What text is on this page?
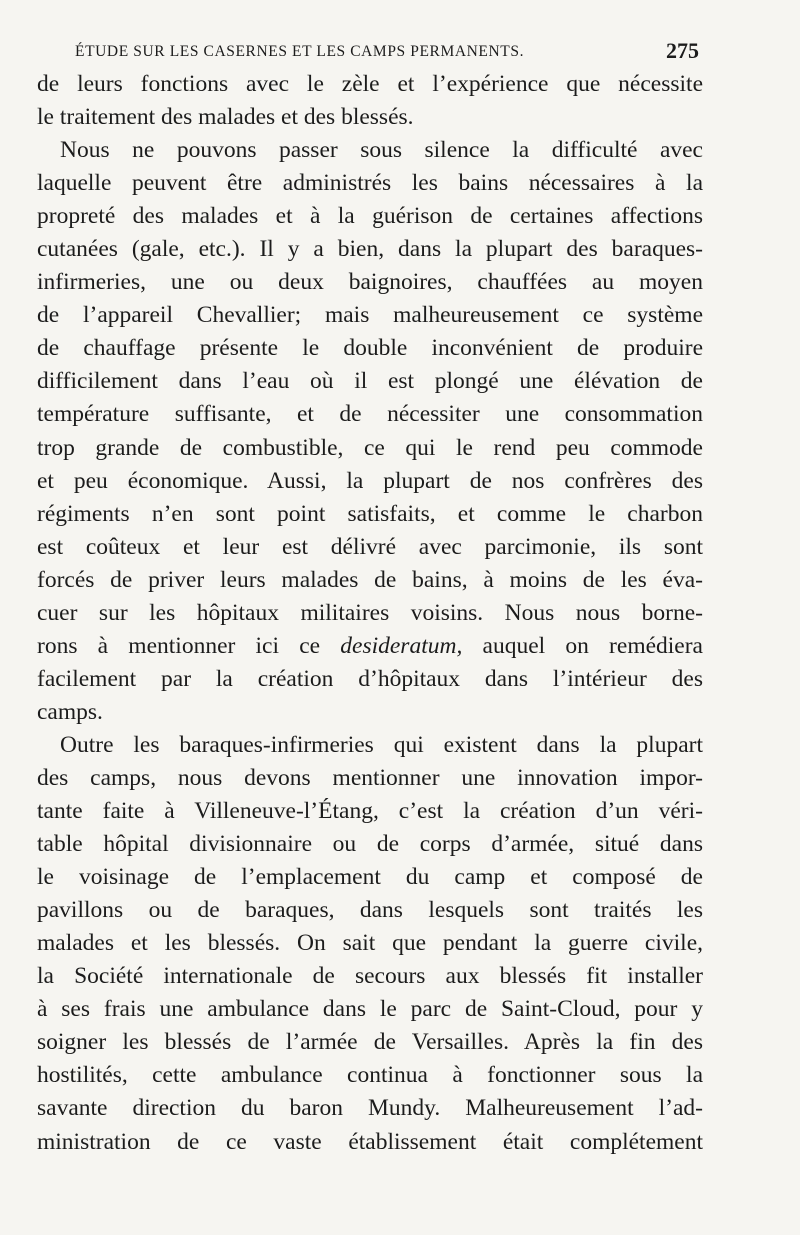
ÉTUDE SUR LES CASERNES ET LES CAMPS PERMANENTS.	275
de leurs fonctions avec le zèle et l’expérience que nécessite
le traitement des malades et des blessés.
Nous ne pouvons passer sous silence la difficulté avec
laquelle peuvent être administrés les bains nécessaires à la
propreté des malades et à la guérison de certaines affections
cutanées (gale, etc.). Il y a bien, dans la plupart des baraques-
infirmeries, une ou deux baignoires, chauffées au moyen
de l’appareil Chevallier; mais malheureusement ce système
de chauffage présente le double inconvénient de produire
difficilement dans l’eau où il est plongé une élévation de
température suffisante, et de nécessiter une consommation
trop grande de combustible, ce qui le rend peu commode
et peu économique. Aussi, la plupart de nos confrères des
régiments n’en sont point satisfaits, et comme le charbon
est coûteux et leur est délivré avec parcimonie, ils sont
forcés de priver leurs malades de bains, à moins de les éva-
cuer sur les hôpitaux militaires voisins. Nous nous borne-
rons à mentionner ici ce desideratum, auquel on remédiera
facilement par la création d’hôpitaux dans l’intérieur des
camps.
Outre les baraques-infirmeries qui existent dans la plupart
des camps, nous devons mentionner une innovation impor-
tante faite à Villeneuve-l’Étang, c’est la création d’un véri-
table hôpital divisionnaire ou de corps d’armée, situé dans
le voisinage de l’emplacement du camp et composé de
pavillons ou de baraques, dans lesquels sont traités les
malades et les blessés. On sait que pendant la guerre civile,
la Société internationale de secours aux blessés fit installer
à ses frais une ambulance dans le parc de Saint-Cloud, pour y
soigner les blessés de l’armée de Versailles. Après la fin des
hostilités, cette ambulance continua à fonctionner sous la
savante direction du baron Mundy. Malheureusement l’ad-
ministration de ce vaste établissement était complétement
